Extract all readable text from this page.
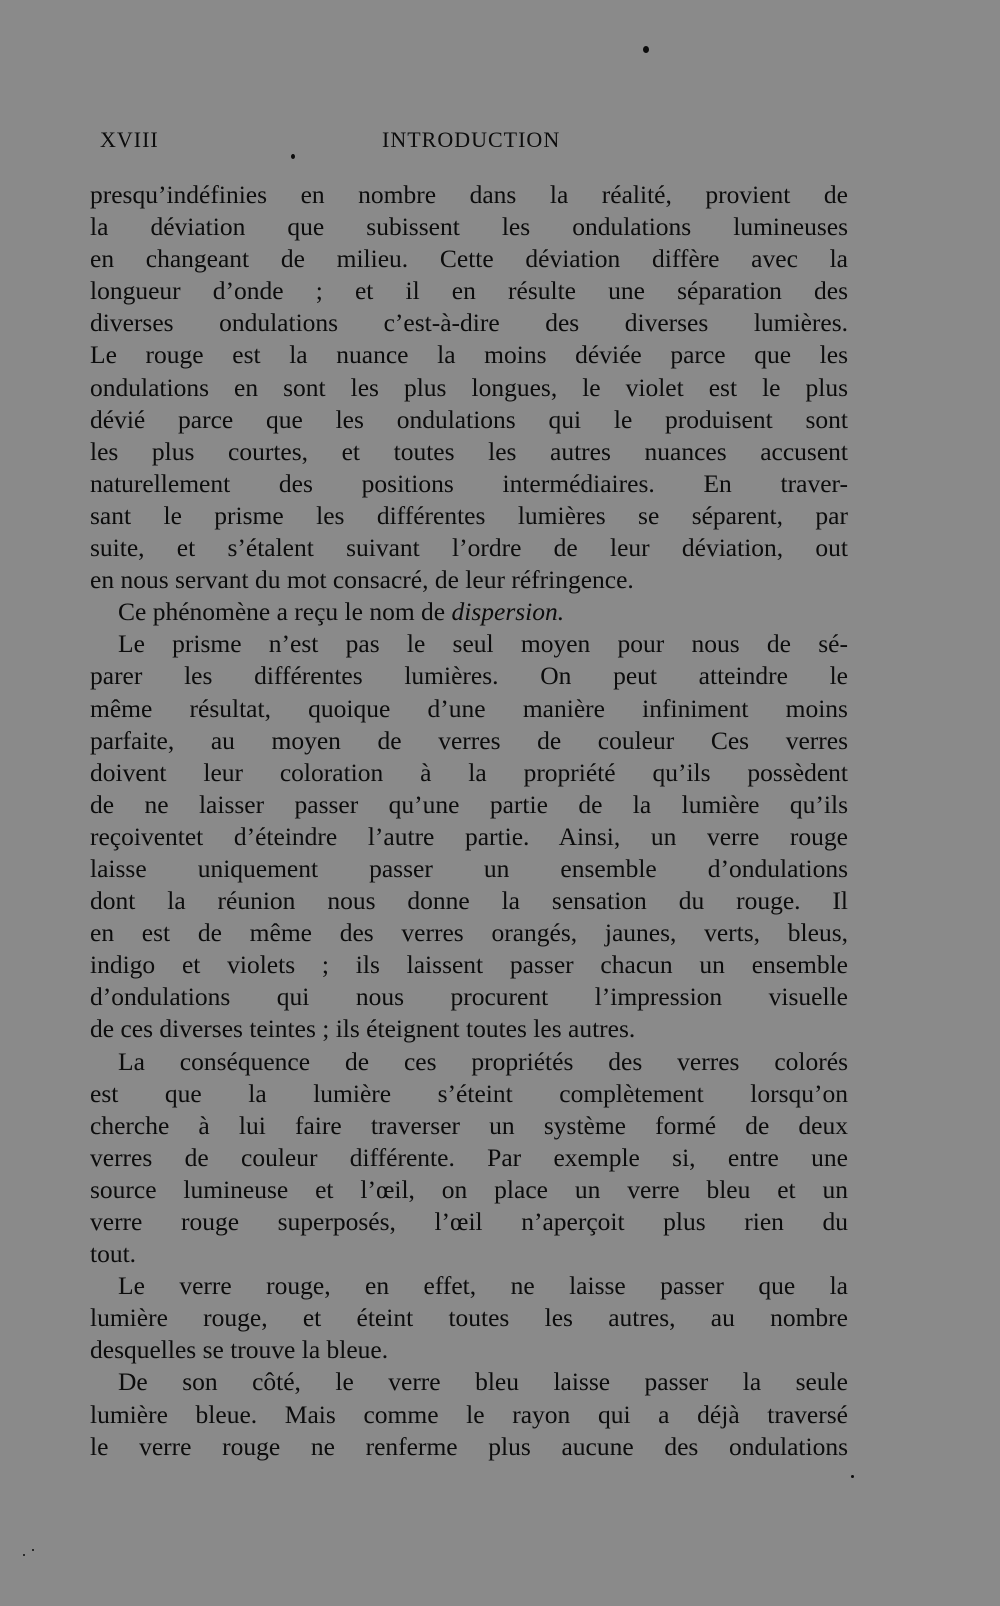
XVIII	INTRODUCTION
presqu’indéfinies en nombre dans la réalité, provient de
la déviation que subissent les ondulations lumineuses
en changeant de milieu. Cette déviation diffère avec la
longueur d’onde ; et il en résulte une séparation des
diverses ondulations c’est-à-dire des diverses lumières.
Le rouge est la nuance la moins déviée parce que les
ondulations en sont les plus longues, le violet est le plus
dévié parce que les ondulations qui le produisent sont
les plus courtes, et toutes les autres nuances accusent
naturellement des positions intermédiaires. En traver-
sant le prisme les différentes lumières se séparent, par
suite, et s’étalent suivant l’ordre de leur déviation, out
en nous servant du mot consacré, de leur réfringence.
Ce phénomène a reçu le nom de dispersion.
Le prisme n’est pas le seul moyen pour nous de sé-
parer les différentes lumières. On peut atteindre le
même résultat, quoique d’une manière infiniment moins
parfaite, au moyen de verres de couleur Ces verres
doivent leur coloration à la propriété qu’ils possèdent
de ne laisser passer qu’une partie de la lumière qu’ils
reçoiventet d’éteindre l’autre partie. Ainsi, un verre rouge
laisse uniquement passer un ensemble d’ondulations
dont la réunion nous donne la sensation du rouge. Il
en est de même des verres orangés, jaunes, verts, bleus,
indigo et violets ; ils laissent passer chacun un ensemble
d’ondulations qui nous procurent l’impression visuelle
de ces diverses teintes ; ils éteignent toutes les autres.
La conséquence de ces propriétés des verres colorés
est que la lumière s’éteint complètement lorsqu’on
cherche à lui faire traverser un système formé de deux
verres de couleur différente. Par exemple si, entre une
source lumineuse et l’œil, on place un verre bleu et un
verre rouge superposés, l’œil n’aperçoit plus rien du
tout.
Le verre rouge, en effet, ne laisse passer que la
lumière rouge, et éteint toutes les autres, au nombre
desquelles se trouve la bleue.
De son côté, le verre bleu laisse passer la seule
lumière bleue. Mais comme le rayon qui a déjà traversé
le verre rouge ne renferme plus aucune des ondulations
